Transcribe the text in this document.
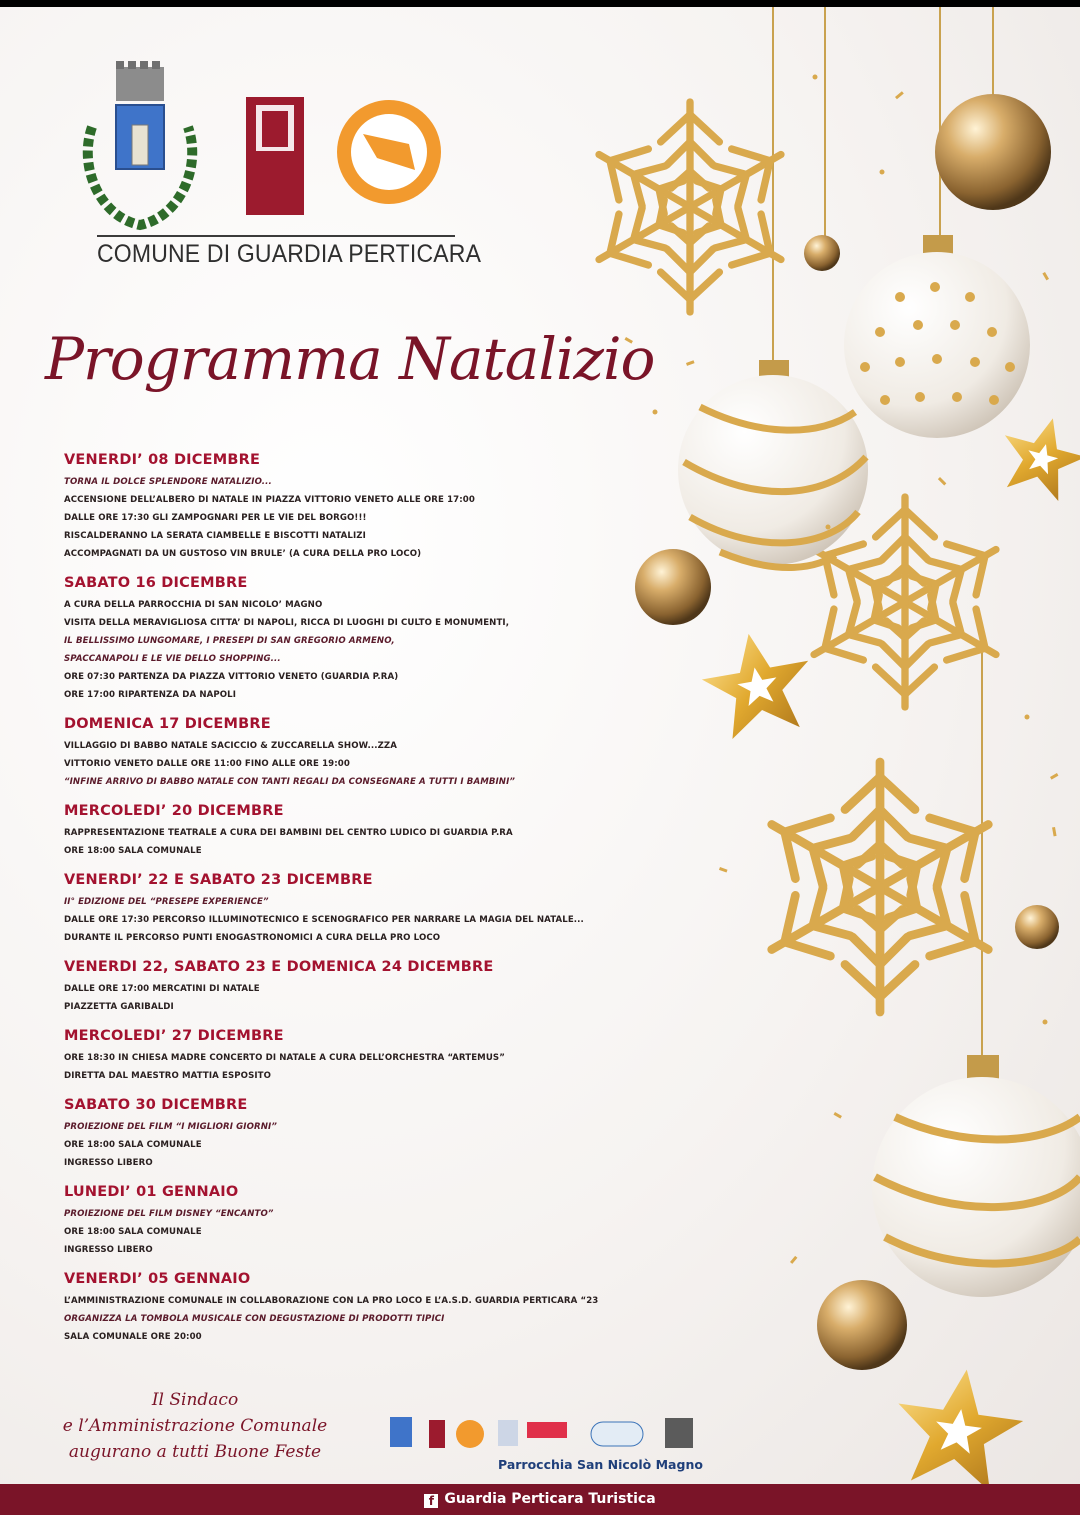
COMUNE DI GUARDIA PERTICARA
Programma Natalizio
VENERDI’ 08 DICEMBRE
TORNA IL DOLCE SPLENDORE NATALIZIO...
ACCENSIONE DELL’ALBERO DI NATALE IN PIAZZA VITTORIO VENETO ALLE ORE 17:00
DALLE ORE 17:30 GLI ZAMPOGNARI PER LE VIE DEL BORGO!!!
RISCALDERANNO LA SERATA CIAMBELLE E BISCOTTI NATALIZI
ACCOMPAGNATI DA UN GUSTOSO VIN BRULE’ (A CURA DELLA PRO LOCO)
SABATO 16 DICEMBRE
A CURA DELLA PARROCCHIA DI SAN NICOLO’ MAGNO
VISITA DELLA MERAVIGLIOSA CITTA’ DI NAPOLI, RICCA DI LUOGHI DI CULTO E MONUMENTI,
IL BELLISSIMO LUNGOMARE, I PRESEPI DI SAN GREGORIO ARMENO,
SPACCANAPOLI E LE VIE DELLO SHOPPING...
ORE 07:30 PARTENZA DA PIAZZA VITTORIO VENETO (GUARDIA P.RA)
ORE 17:00 RIPARTENZA DA NAPOLI
DOMENICA 17 DICEMBRE
VILLAGGIO DI BABBO NATALE SACICCIO & ZUCCARELLA SHOW...ZZA
VITTORIO VENETO DALLE ORE 11:00 FINO ALLE ORE 19:00
“INFINE ARRIVO DI BABBO NATALE CON TANTI REGALI DA CONSEGNARE A TUTTI I BAMBINI”
MERCOLEDI’ 20 DICEMBRE
RAPPRESENTAZIONE TEATRALE A CURA DEI BAMBINI DEL CENTRO LUDICO DI GUARDIA P.RA
ORE 18:00 SALA COMUNALE
VENERDI’ 22 E SABATO 23 DICEMBRE
II° EDIZIONE DEL “PRESEPE EXPERIENCE”
DALLE ORE 17:30 PERCORSO ILLUMINOTECNICO E SCENOGRAFICO PER NARRARE LA MAGIA DEL NATALE...
DURANTE IL PERCORSO PUNTI ENOGASTRONOMICI A CURA DELLA PRO LOCO
VENERDI 22, SABATO 23 E DOMENICA 24 DICEMBRE
DALLE ORE 17:00 MERCATINI DI NATALE
PIAZZETTA GARIBALDI
MERCOLEDI’ 27 DICEMBRE
ORE 18:30 IN CHIESA MADRE CONCERTO DI NATALE A CURA DELL’ORCHESTRA “ARTEMUS”
DIRETTA DAL MAESTRO MATTIA ESPOSITO
SABATO 30 DICEMBRE
PROIEZIONE DEL FILM “I MIGLIORI GIORNI”
ORE 18:00 SALA COMUNALE
INGRESSO LIBERO
LUNEDI’ 01 GENNAIO
PROIEZIONE DEL FILM DISNEY “ENCANTO”
ORE 18:00 SALA COMUNALE
INGRESSO LIBERO
VENERDI’ 05 GENNAIO
L’AMMINISTRAZIONE COMUNALE IN COLLABORAZIONE CON LA PRO LOCO E L’A.S.D. GUARDIA PERTICARA “23
ORGANIZZA LA TOMBOLA MUSICALE CON DEGUSTAZIONE DI PRODOTTI TIPICI
SALA COMUNALE ORE 20:00
Il Sindaco
e l’Amministrazione Comunale
augurano a tutti Buone Feste
Parrocchia San Nicolò Magno
f Guardia Perticara Turistica
